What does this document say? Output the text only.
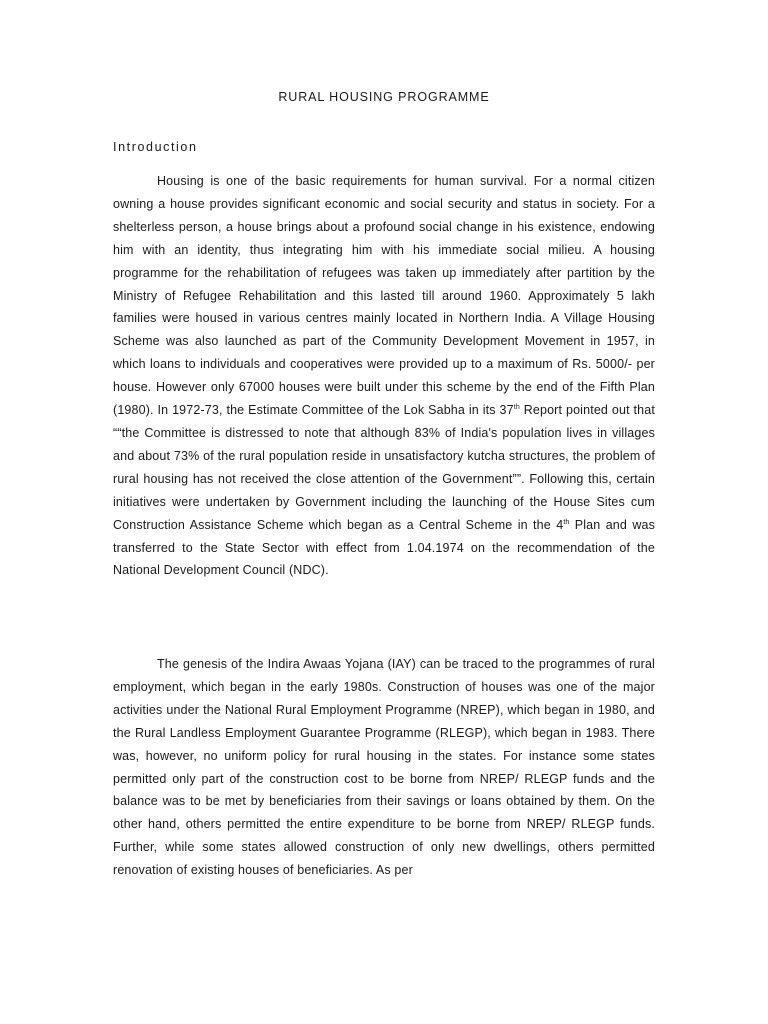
RURAL HOUSING PROGRAMME
Introduction

Housing is one of the basic requirements for human survival. For a normal citizen owning a house provides significant economic and social security and status in society. For a shelterless person, a house brings about a profound social change in his existence, endowing him with an identity, thus integrating him with his immediate social milieu. A housing programme for the rehabilitation of refugees was taken up immediately after partition by the Ministry of Refugee Rehabilitation and this lasted till around 1960. Approximately 5 lakh families were housed in various centres mainly located in Northern India. A Village Housing Scheme was also launched as part of the Community Development Movement in 1957, in which loans to individuals and cooperatives were provided up to a maximum of Rs. 5000/- per house. However only 67000 houses were built under this scheme by the end of the Fifth Plan (1980). In 1972-73, the Estimate Committee of the Lok Sabha in its 37th Report pointed out that ““the Committee is distressed to note that although 83% of India's population lives in villages and about 73% of the rural population reside in unsatisfactory kutcha structures, the problem of rural housing has not received the close attention of the Government””. Following this, certain initiatives were undertaken by Government including the launching of the House Sites cum Construction Assistance Scheme which began as a Central Scheme in the 4th Plan and was transferred to the State Sector with effect from 1.04.1974 on the recommendation of the National Development Council (NDC).

The genesis of the Indira Awaas Yojana (IAY) can be traced to the programmes of rural employment, which began in the early 1980s. Construction of houses was one of the major activities under the National Rural Employment Programme (NREP), which began in 1980, and the Rural Landless Employment Guarantee Programme (RLEGP), which began in 1983. There was, however, no uniform policy for rural housing in the states. For instance some states permitted only part of the construction cost to be borne from NREP/ RLEGP funds and the balance was to be met by beneficiaries from their savings or loans obtained by them. On the other hand, others permitted the entire expenditure to be borne from NREP/ RLEGP funds. Further, while some states allowed construction of only new dwellings, others permitted renovation of existing houses of beneficiaries. As per
